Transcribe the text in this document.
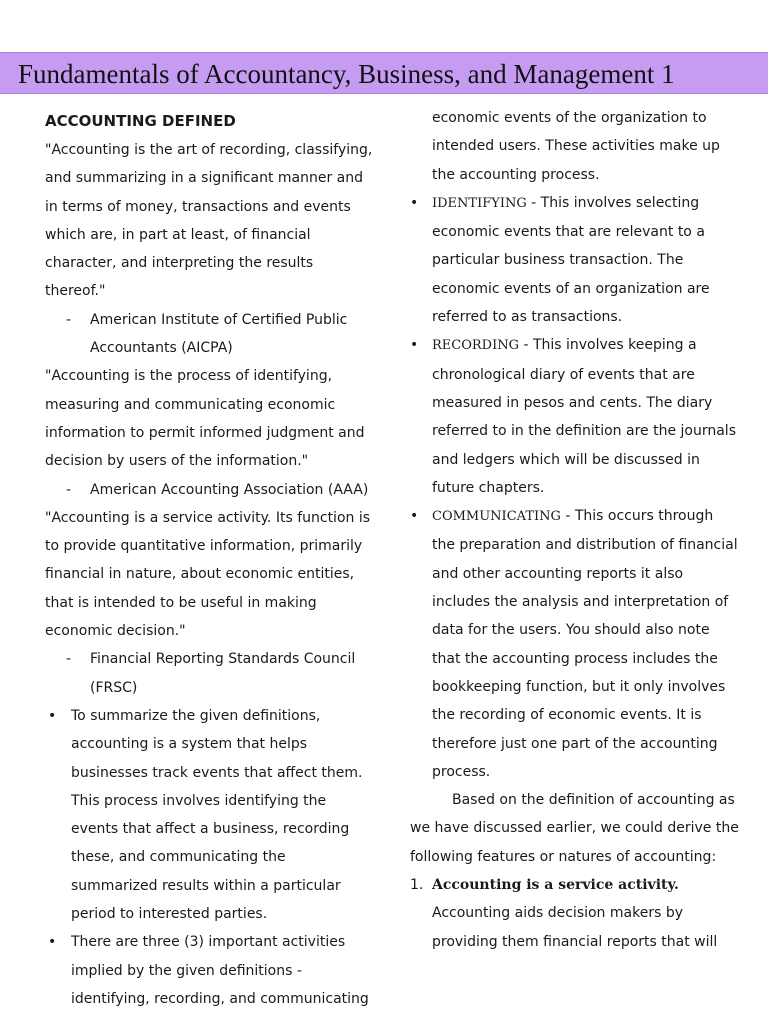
Fundamentals of Accountancy, Business, and Management 1

ACCOUNTING DEFINED

"Accounting is the art of recording, classifying, and summarizing in a significant manner and in terms of money, transactions and events which are, in part at least, of financial character, and interpreting the results thereof."

- American Institute of Certified Public Accountants (AICPA)

"Accounting is the process of identifying, measuring and communicating economic information to permit informed judgment and decision by users of the information."

- American Accounting Association (AAA)

"Accounting is a service activity. Its function is to provide quantitative information, primarily financial in nature, about economic entities, that is intended to be useful in making economic decision."

- Financial Reporting Standards Council (FRSC)

• To summarize the given definitions, accounting is a system that helps businesses track events that affect them. This process involves identifying the events that affect a business, recording these, and communicating the summarized results within a particular period to interested parties.

• There are three (3) important activities implied by the given definitions - identifying, recording, and communicating

economic events of the organization to intended users. These activities make up the accounting process.

• IDENTIFYING - This involves selecting economic events that are relevant to a particular business transaction. The economic events of an organization are referred to as transactions.

• RECORDING - This involves keeping a chronological diary of events that are measured in pesos and cents. The diary referred to in the definition are the journals and ledgers which will be discussed in future chapters.

• COMMUNICATING - This occurs through the preparation and distribution of financial and other accounting reports it also includes the analysis and interpretation of data for the users. You should also note that the accounting process includes the bookkeeping function, but it only involves the recording of economic events. It is therefore just one part of the accounting process.

Based on the definition of accounting as we have discussed earlier, we could derive the following features or natures of accounting:

1. Accounting is a service activity.
Accounting aids decision makers by providing them financial reports that will
